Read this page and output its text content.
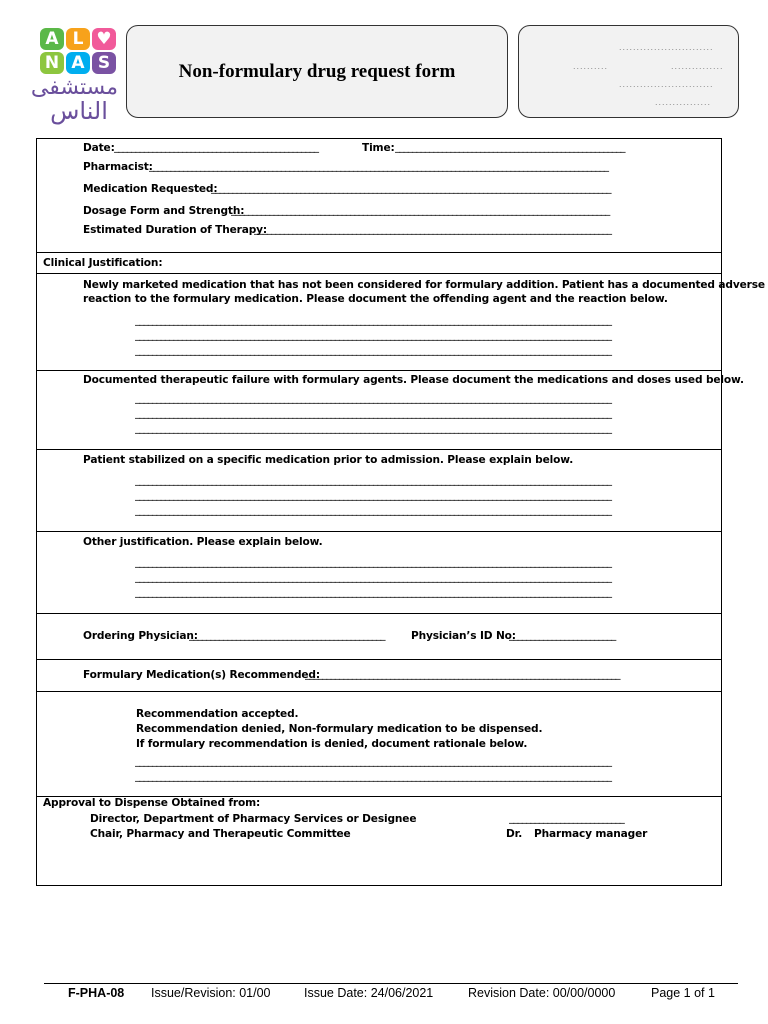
A L ♥
N A S
مستشفى
الناس
Non-formulary drug request form
...........................
..........	...............
...........................
................
Date: ________________________________________________	Time: ______________________________________________________
Pharmacist:
____________________________________________________________________________________________________________
Medication Requested:
______________________________________________________________________________________________
Dosage Form and Strength:
_________________________________________________________________________________________
Estimated Duration of Therapy:
____________________________________________________________________________________
Clinical Justification:
Newly marketed medication that has not been considered for formulary addition. Patient has a documented adverse
reaction to the formulary medication. Please document the offending agent and the reaction below.
________________________________________________________________________________________________________________
________________________________________________________________________________________________________________
________________________________________________________________________________________________________________
Documented therapeutic failure with formulary agents. Please document the medications and doses used below.
________________________________________________________________________________________________________________
________________________________________________________________________________________________________________
________________________________________________________________________________________________________________
Patient stabilized on a specific medication prior to admission. Please explain below.
________________________________________________________________________________________________________________
________________________________________________________________________________________________________________
________________________________________________________________________________________________________________
Other justification. Please explain below.
________________________________________________________________________________________________________________
________________________________________________________________________________________________________________
________________________________________________________________________________________________________________
Ordering Physician:
______________________________________________	Physician’s ID No:
_________________________
Formulary Medication(s) Recommended:
__________________________________________________________________________
Recommendation accepted.
Recommendation denied, Non-formulary medication to be dispensed.
If formulary recommendation is denied, document rationale below.
________________________________________________________________________________________________________________
________________________________________________________________________________________________________________
Approval to Dispense Obtained from:
Director, Department of Pharmacy Services or Designee	___________________________
Chair, Pharmacy and Therapeutic Committee	Dr. Pharmacy manager
F-PHA-08 Issue/Revision: 01/00	Issue Date: 24/06/2021	Revision Date: 00/00/0000	Page 1 of 1
